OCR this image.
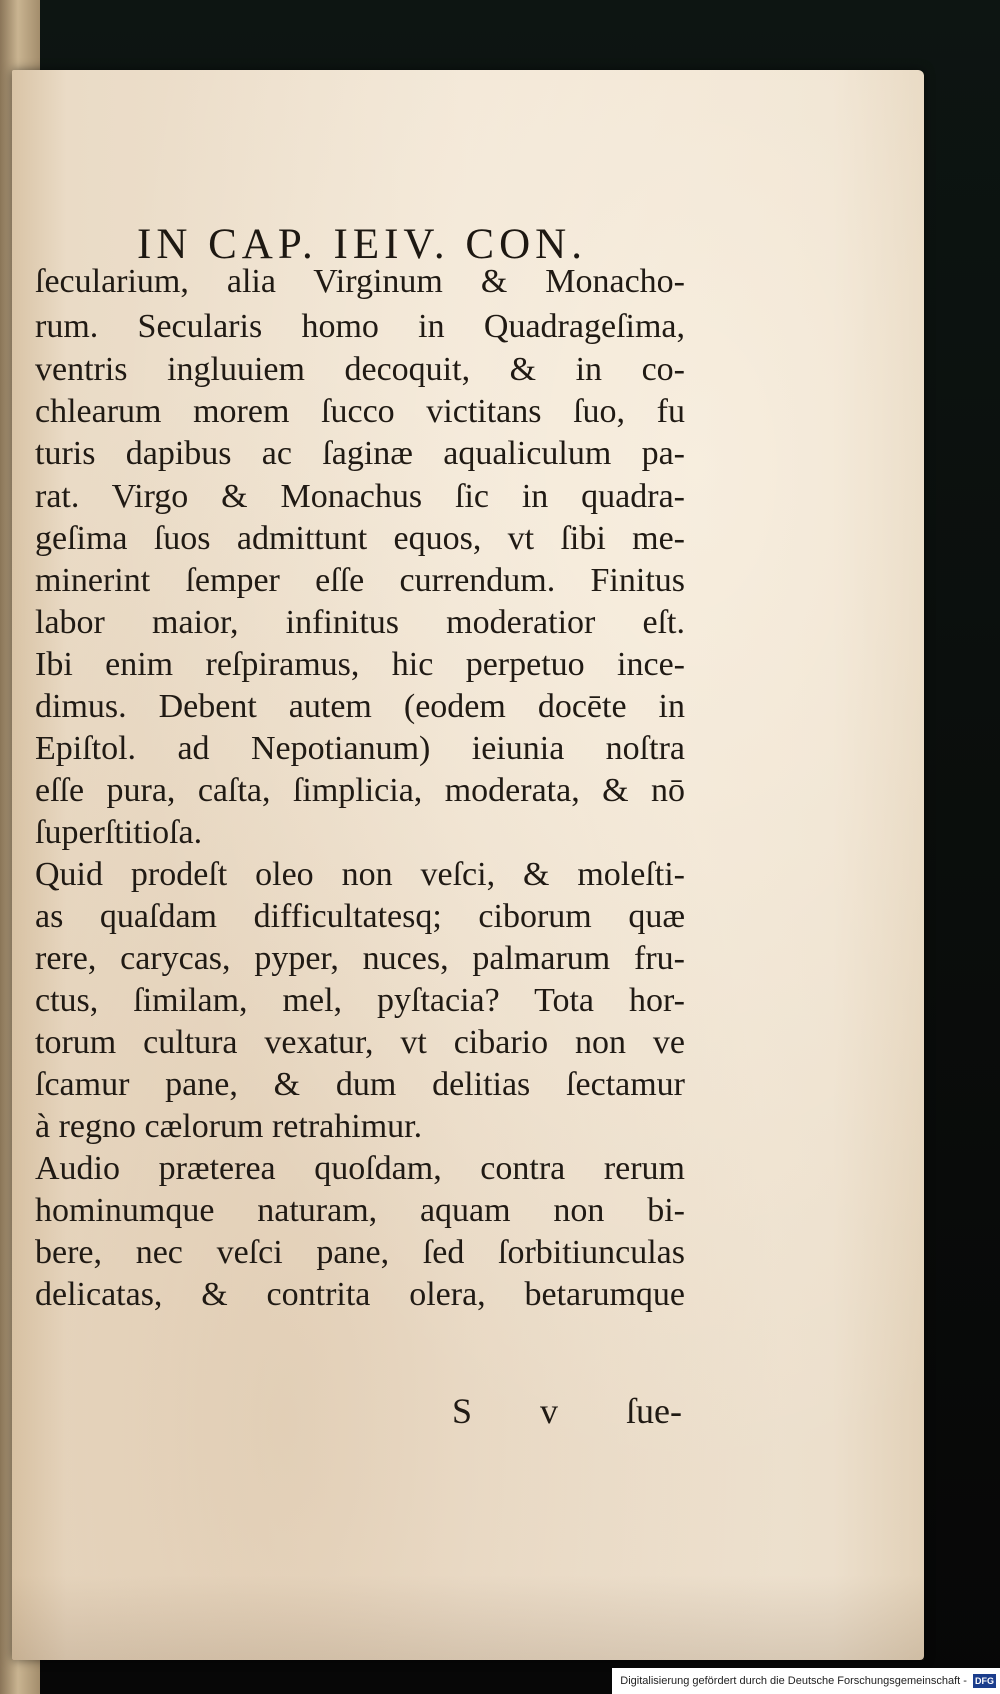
IN CAP. IEIV. CON.
ſecularium, alia Virginum & Monacho-
rum. Secularis homo in Quadrageſima,
ventris ingluuiem decoquit, & in co-
chlearum morem ſucco victitans ſuo, fu
turis dapibus ac ſaginæ aqualiculum pa-
rat. Virgo & Monachus ſic in quadra-
geſima ſuos admittunt equos, vt ſibi me-
minerint ſemper eſſe currendum. Finitus
labor maior, infinitus moderatior eſt.
Ibi enim reſpiramus, hic perpetuo ince-
dimus. Debent autem (eodem docēte in
Epiſtol. ad Nepotianum) ieiunia noſtra
eſſe pura, caſta, ſimplicia, moderata, & nō
ſuperſtitioſa.
Quid prodeſt oleo non veſci, & moleſti-
as quaſdam difficultatesq; ciborum quæ
rere, carycas, pyper, nuces, palmarum fru-
ctus, ſimilam, mel, pyſtacia? Tota hor-
torum cultura vexatur, vt cibario non ve
ſcamur pane, & dum delitias ſectamur
à regno cælorum retrahimur.
Audio præterea quoſdam, contra rerum
hominumque naturam, aquam non bi-
bere, nec veſci pane, ſed ſorbitiunculas
delicatas, & contrita olera, betarumque
S v ſue-
Digitalisierung gefördert durch die Deutsche Forschungsgemeinschaft - DFG
